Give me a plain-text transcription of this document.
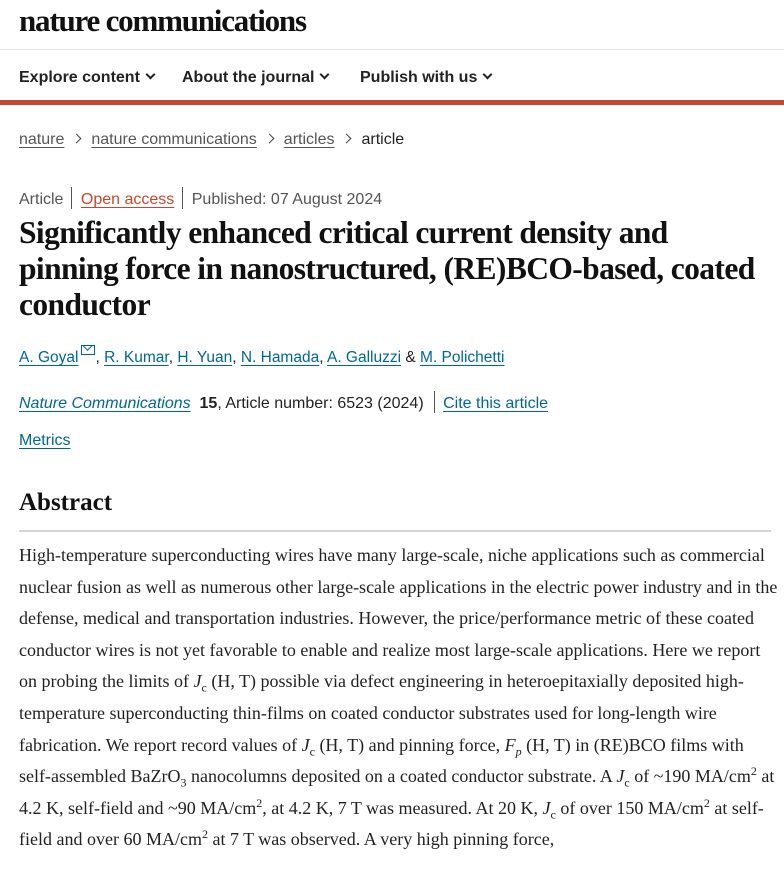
nature communications
Explore content	About the journal	Publish with us
nature nature communications articles article
Article Open access Published: 07 August 2024
Significantly enhanced critical current density and pinning force in nanostructured, (RE)BCO-based, coated conductor
A. Goyal , R. Kumar, H. Yuan, N. Hamada, A. Galluzzi & M. Polichetti
Nature Communications 15, Article number: 6523 (2024) Cite this article
Metrics
Abstract

High-temperature superconducting wires have many large-scale, niche applications such as commercial nuclear fusion as well as numerous other large-scale applications in the electric power industry and in the defense, medical and transportation industries. However, the price/performance metric of these coated conductor wires is not yet favorable to enable and realize most large-scale applications. Here we report on probing the limits of $J_c$ (H, T) possible via defect engineering in heteroepitaxially deposited high-temperature superconducting thin-films on coated conductor substrates used for long-length wire fabrication. We report record values of $J_c$ (H, T) and pinning force, $F_p$ (H, T) in (RE)BCO films with self-assembled BaZrO$_3$ nanocolumns deposited on a coated conductor substrate. A $J_c$ of ~190 $MA/cm^2$ at 4.2 K, self-field and ~90 $MA/cm^2$, at 4.2 K, 7 T was measured. At 20 K, $J_c$ of over 150 $MA/cm^2$ at self-field and over 60 $MA/cm^2$ at 7 T was observed. A very high pinning force,
